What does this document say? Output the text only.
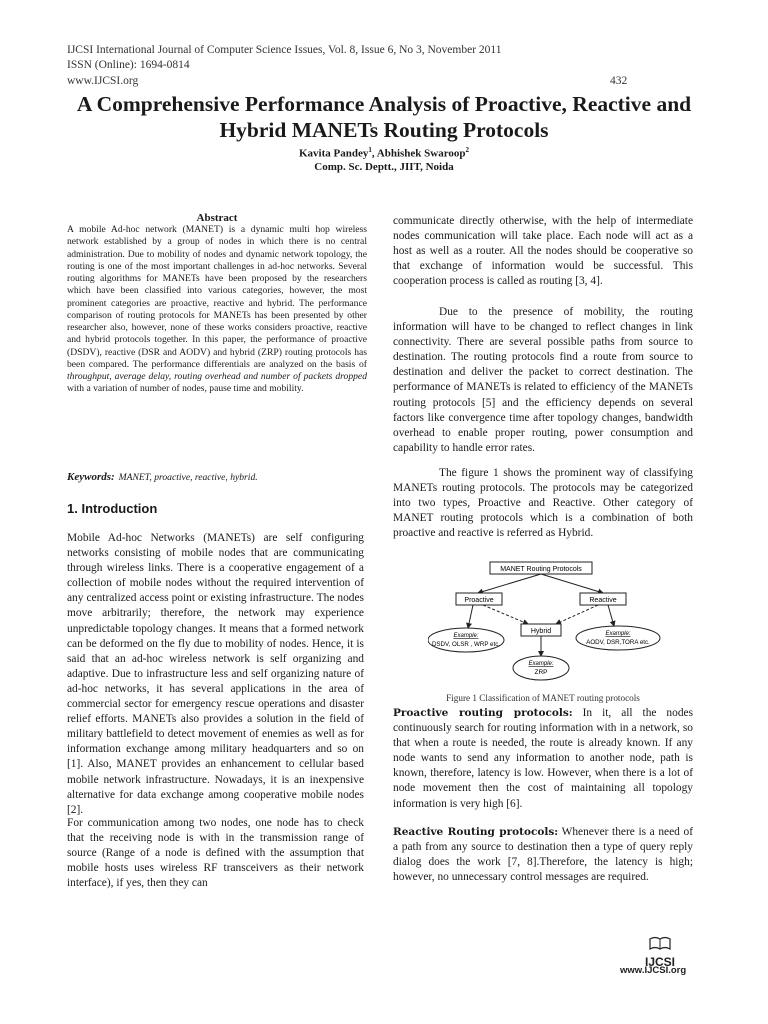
IJCSI International Journal of Computer Science Issues, Vol. 8, Issue 6, No 3, November 2011
ISSN (Online): 1694-0814
www.IJCSI.org	432
A Comprehensive Performance Analysis of Proactive, Reactive and Hybrid MANETs Routing Protocols
Kavita Pandey$^1$, Abhishek Swaroop$^2$
Comp. Sc. Deptt., JIIT, Noida
Abstract
A mobile Ad-hoc network (MANET) is a dynamic multi hop wireless network established by a group of nodes in which there is no central administration. Due to mobility of nodes and dynamic network topology, the routing is one of the most important challenges in ad-hoc networks. Several routing algorithms for MANETs have been proposed by the researchers which have been classified into various categories, however, the most prominent categories are proactive, reactive and hybrid. The performance comparison of routing protocols for MANETs has been presented by other researcher also, however, none of these works considers proactive, reactive and hybrid protocols together. In this paper, the performance of proactive (DSDV), reactive (DSR and AODV) and hybrid (ZRP) routing protocols has been compared. The performance differentials are analyzed on the basis of throughput, average delay, routing overhead and number of packets dropped with a variation of number of nodes, pause time and mobility.
Keywords: MANET, proactive, reactive, hybrid.
1. Introduction
Mobile Ad-hoc Networks (MANETs) are self configuring networks consisting of mobile nodes that are communicating through wireless links. There is a cooperative engagement of a collection of mobile nodes without the required intervention of any centralized access point or existing infrastructure. The nodes move arbitrarily; therefore, the network may experience unpredictable topology changes. It means that a formed network can be deformed on the fly due to mobility of nodes. Hence, it is said that an ad-hoc wireless network is self organizing and adaptive. Due to infrastructure less and self organizing nature of ad-hoc networks, it has several applications in the area of commercial sector for emergency rescue operations and disaster relief efforts. MANETs also provides a solution in the field of military battlefield to detect movement of enemies as well as for information exchange among military headquarters and so on [1]. Also, MANET provides an enhancement to cellular based mobile network infrastructure. Nowadays, it is an inexpensive alternative for data exchange among cooperative mobile nodes [2].
For communication among two nodes, one node has to check that the receiving node is with in the transmission range of source (Range of a node is defined with the assumption that mobile hosts uses wireless RF transceivers as their network interface), if yes, then they can
communicate directly otherwise, with the help of intermediate nodes communication will take place. Each node will act as a host as well as a router. All the nodes should be cooperative so that exchange of information would be successful. This cooperation process is called as routing [3, 4].
Due to the presence of mobility, the routing information will have to be changed to reflect changes in link connectivity. There are several possible paths from source to destination. The routing protocols find a route from source to destination and deliver the packet to correct destination. The performance of MANETs is related to efficiency of the MANETs routing protocols [5] and the efficiency depends on several factors like convergence time after topology changes, bandwidth overhead to enable proper routing, power consumption and capability to handle error rates.
The figure 1 shows the prominent way of classifying MANETs routing protocols. The protocols may be categorized into two types, Proactive and Reactive. Other category of MANET routing protocols which is a combination of both proactive and reactive is referred as Hybrid.
MANET Routing Protocols
Proactive	Reactive
Hybrid
Example:
DSDV, OLSR , WRP etc.
Example:
AODV, DSR,TORA etc.
Example:
ZRP
Figure 1 Classification of MANET routing protocols
Proactive routing protocols: In it, all the nodes continuously search for routing information with in a network, so that when a route is needed, the route is already known. If any node wants to send any information to another node, path is known, therefore, latency is low. However, when there is a lot of node movement then the cost of maintaining all topology information is very high [6].
Reactive Routing protocols: Whenever there is a need of a path from any source to destination then a type of query reply dialog does the work [7, 8].Therefore, the latency is high; however, no unnecessary control messages are required.
IJCSI
www.IJCSI.org
